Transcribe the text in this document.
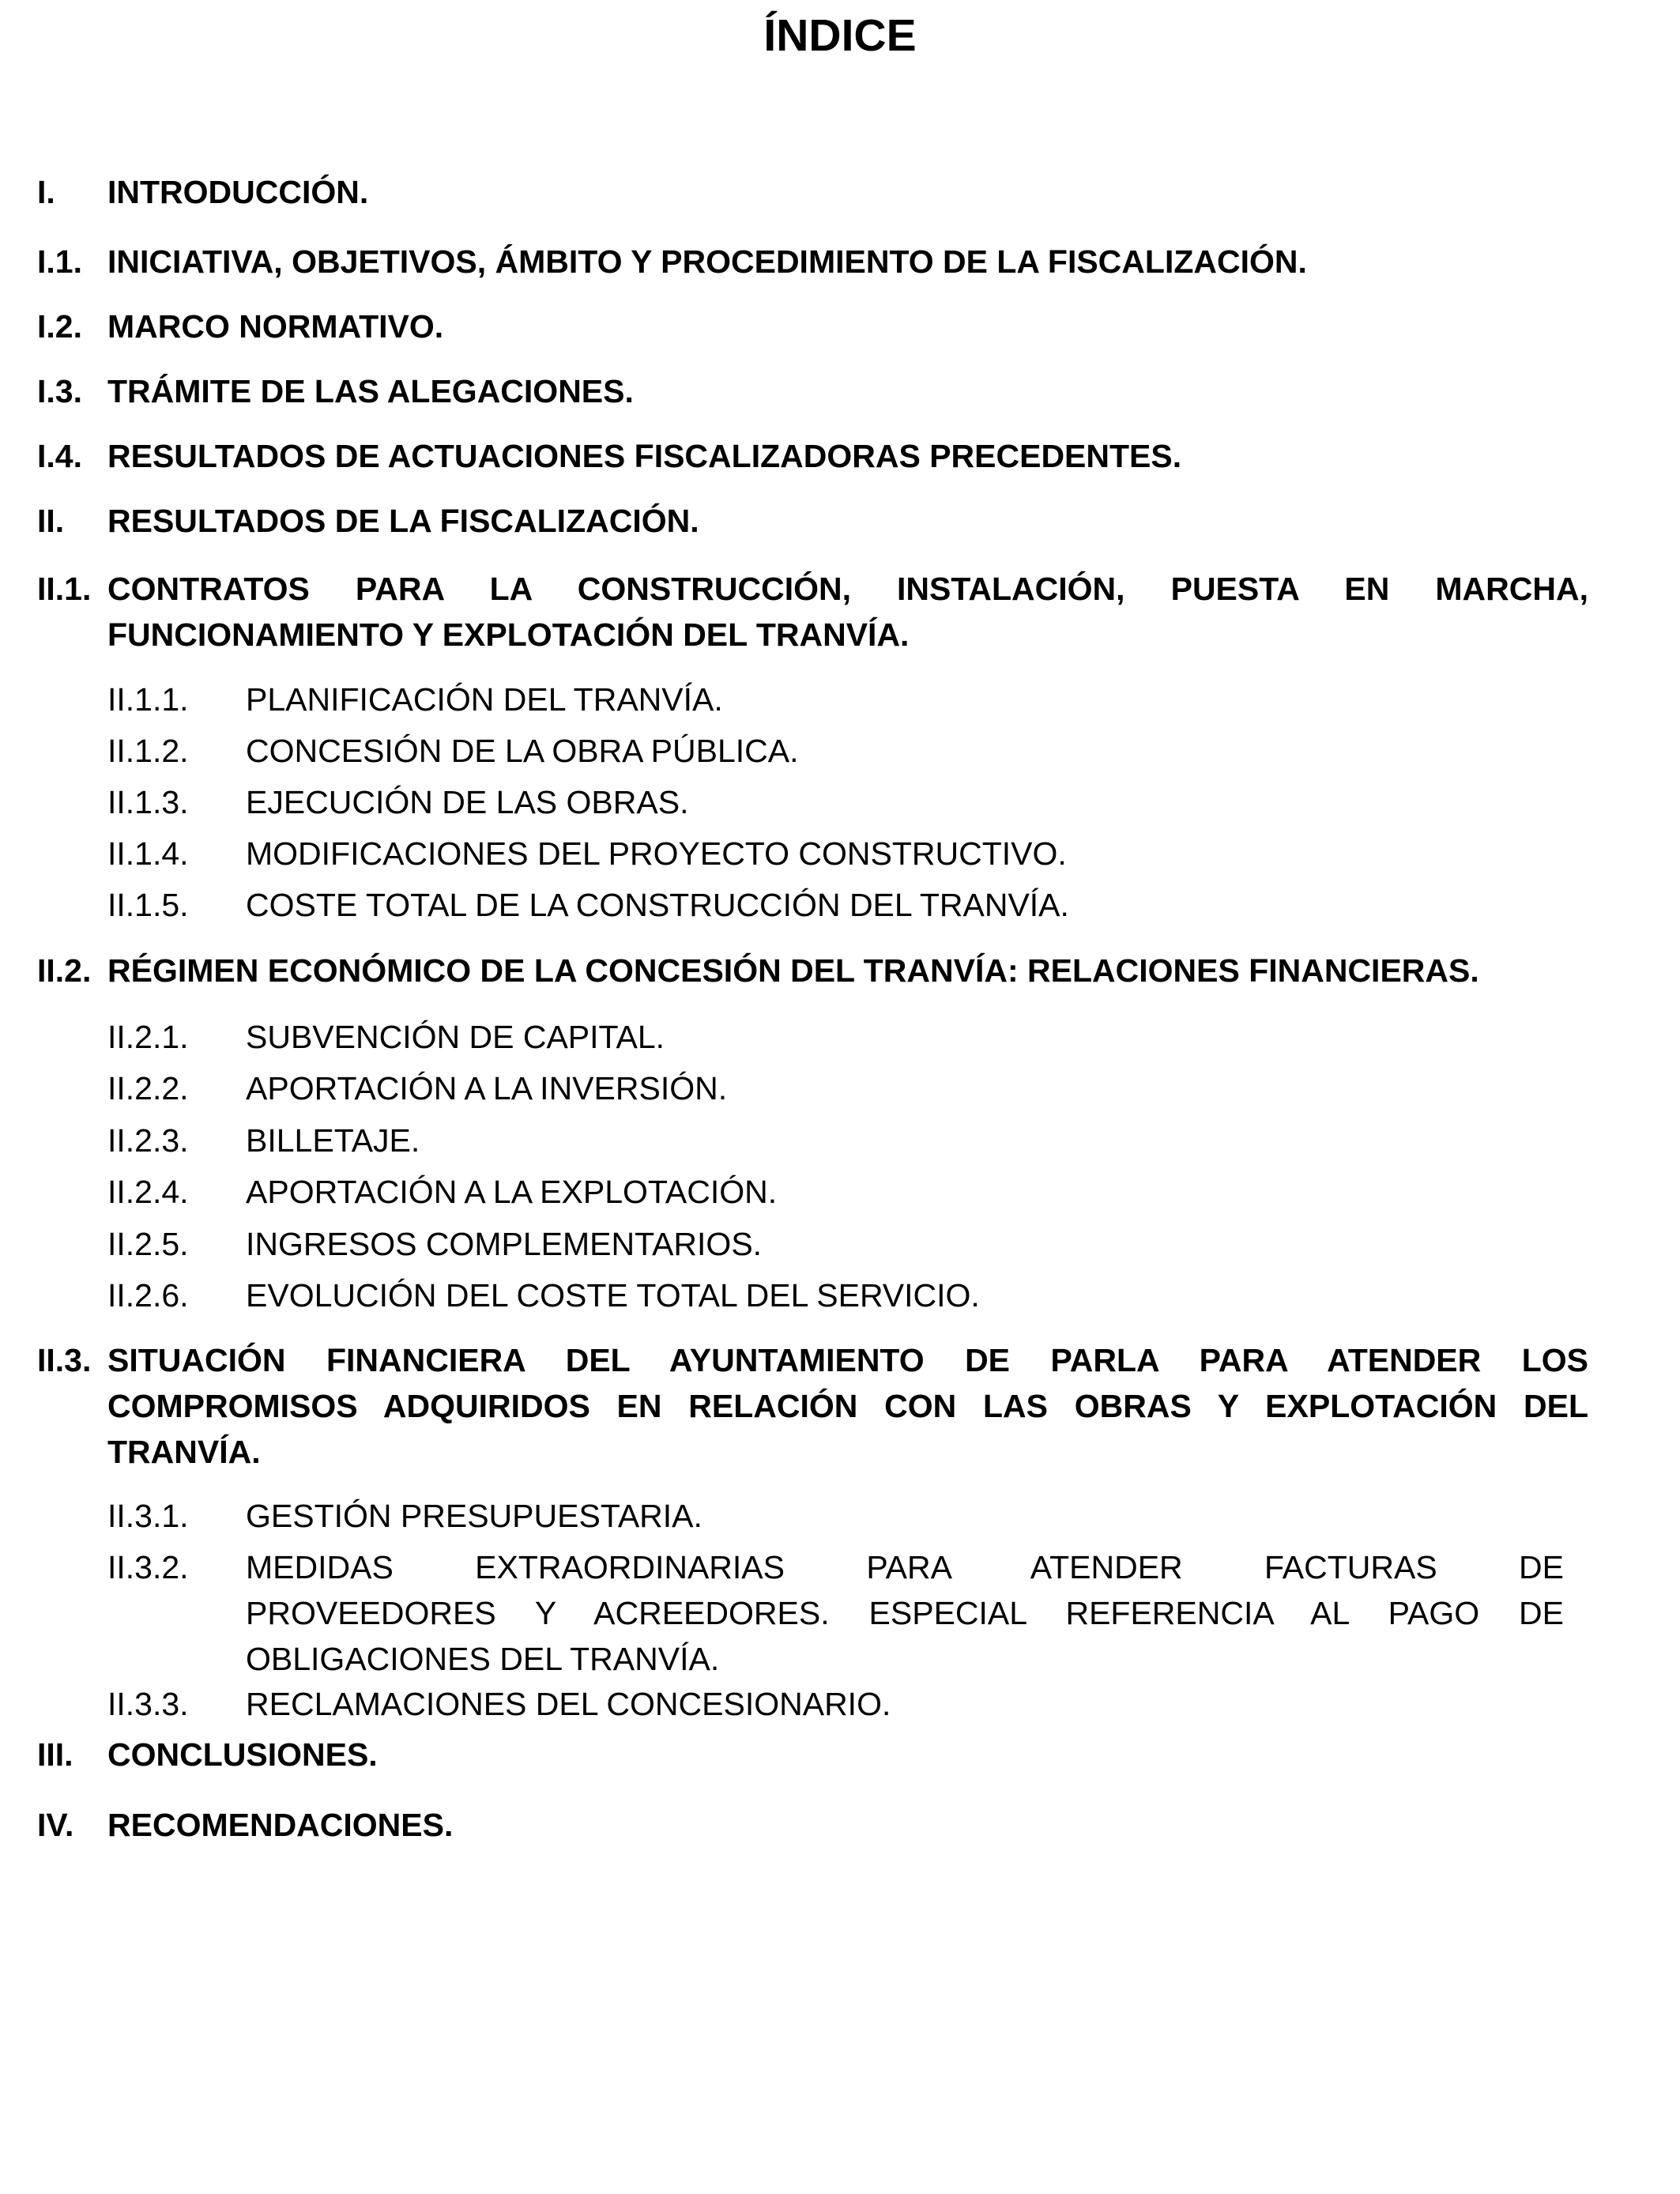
ÍNDICE
I.	INTRODUCCIÓN.
I.1. INICIATIVA, OBJETIVOS, ÁMBITO Y PROCEDIMIENTO DE LA FISCALIZACIÓN.
I.2. MARCO NORMATIVO.
I.3. TRÁMITE DE LAS ALEGACIONES.
I.4. RESULTADOS DE ACTUACIONES FISCALIZADORAS PRECEDENTES.
II.	RESULTADOS DE LA FISCALIZACIÓN.
II.1. CONTRATOS PARA LA CONSTRUCCIÓN, INSTALACIÓN, PUESTA EN MARCHA,
FUNCIONAMIENTO Y EXPLOTACIÓN DEL TRANVÍA.
II.1.1.	PLANIFICACIÓN DEL TRANVÍA.
II.1.2.	CONCESIÓN DE LA OBRA PÚBLICA.
II.1.3.	EJECUCIÓN DE LAS OBRAS.
II.1.4.	MODIFICACIONES DEL PROYECTO CONSTRUCTIVO.
II.1.5.	COSTE TOTAL DE LA CONSTRUCCIÓN DEL TRANVÍA.
II.2. RÉGIMEN ECONÓMICO DE LA CONCESIÓN DEL TRANVÍA: RELACIONES FINANCIERAS.
II.2.1.	SUBVENCIÓN DE CAPITAL.
II.2.2.	APORTACIÓN A LA INVERSIÓN.
II.2.3.	BILLETAJE.
II.2.4.	APORTACIÓN A LA EXPLOTACIÓN.
II.2.5.	INGRESOS COMPLEMENTARIOS.
II.2.6.	EVOLUCIÓN DEL COSTE TOTAL DEL SERVICIO.
II.3. SITUACIÓN FINANCIERA DEL AYUNTAMIENTO DE PARLA PARA ATENDER LOS
COMPROMISOS ADQUIRIDOS EN RELACIÓN CON LAS OBRAS Y EXPLOTACIÓN DEL
TRANVÍA.
II.3.1.	GESTIÓN PRESUPUESTARIA.
II.3.2.	MEDIDAS EXTRAORDINARIAS PARA ATENDER FACTURAS DE
PROVEEDORES Y ACREEDORES. ESPECIAL REFERENCIA AL PAGO DE
OBLIGACIONES DEL TRANVÍA.
II.3.3.	RECLAMACIONES DEL CONCESIONARIO.
III.	CONCLUSIONES.
IV.	RECOMENDACIONES.
